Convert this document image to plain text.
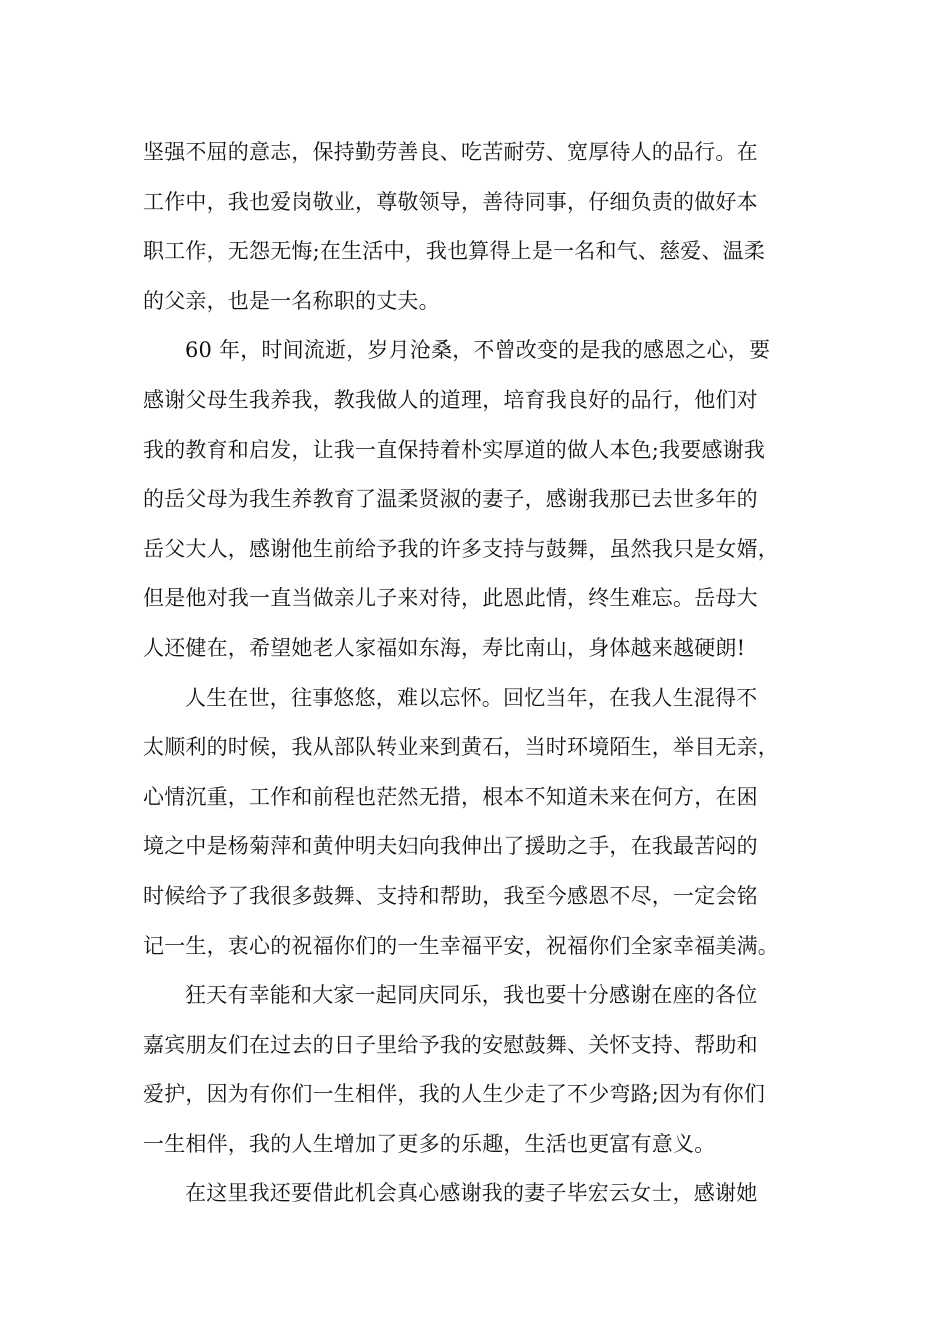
坚强不屈的意志，保持勤劳善良、吃苦耐劳、宽厚待人的品行。在
工作中，我也爱岗敬业，尊敬领导，善待同事，仔细负责的做好本
职工作，无怨无悔;在生活中，我也算得上是一名和气、慈爱、温柔
的父亲，也是一名称职的丈夫。

60 年，时间流逝，岁月沧桑，不曾改变的是我的感恩之心，要
感谢父母生我养我，教我做人的道理，培育我良好的品行，他们对
我的教育和启发，让我一直保持着朴实厚道的做人本色;我要感谢我
的岳父母为我生养教育了温柔贤淑的妻子，感谢我那已去世多年的
岳父大人，感谢他生前给予我的许多支持与鼓舞，虽然我只是女婿，
但是他对我一直当做亲儿子来对待，此恩此情，终生难忘。岳母大
人还健在，希望她老人家福如东海，寿比南山，身体越来越硬朗!

人生在世，往事悠悠，难以忘怀。回忆当年，在我人生混得不
太顺利的时候，我从部队转业来到黄石，当时环境陌生，举目无亲，
心情沉重，工作和前程也茫然无措，根本不知道未来在何方，在困
境之中是杨菊萍和黄仲明夫妇向我伸出了援助之手，在我最苦闷的
时候给予了我很多鼓舞、支持和帮助，我至今感恩不尽，一定会铭
记一生，衷心的祝福你们的一生幸福平安，祝福你们全家幸福美满。

狂天有幸能和大家一起同庆同乐，我也要十分感谢在座的各位
嘉宾朋友们在过去的日子里给予我的安慰鼓舞、关怀支持、帮助和
爱护，因为有你们一生相伴，我的人生少走了不少弯路;因为有你们
一生相伴，我的人生增加了更多的乐趣，生活也更富有意义。

在这里我还要借此机会真心感谢我的妻子毕宏云女士，感谢她
